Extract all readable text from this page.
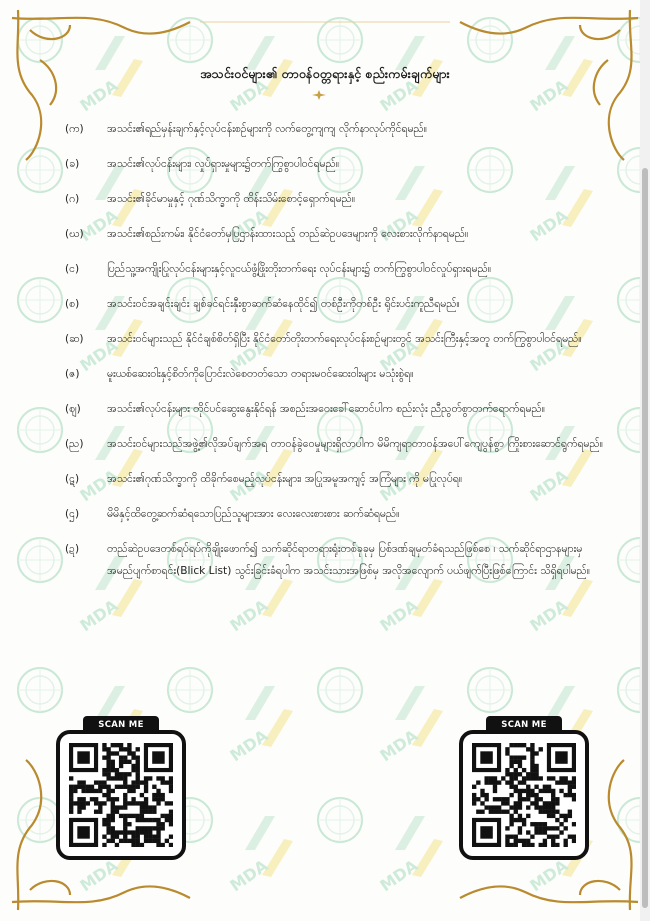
အသင်းဝင်များ၏ တာဝန်ဝတ္တရားနှင့် စည်းကမ်းချက်များ
(က)	အသင်း၏ရည်မှန်းချက်နှင့်လုပ်ငန်းစဉ်များကို လက်တွေ့ကျကျ လိုက်နာလုပ်ကိုင်ရမည်။
(ခ)	အသင်း၏လုပ်ငန်းများ၊ လှုပ်ရှားမှုများ၌တက်ကြွစွာပါဝင်ရမည်။
(ဂ)	အသင်း၏ခိုင်မာမှုနှင့် ဂုဏ်သိက္ခာကို ထိန်းသိမ်းစောင့်ရှောက်ရမည်။
(ဃ)	အသင်း၏စည်းကမ်း၊ နိုင်ငံတော်မှပြဌာန်းထားသည့် တည်ဆဲဥပဒေများကို လေးစားလိုက်နာရမည်။
(င)	ပြည်သူ့အကျိုးပြုလုပ်ငန်းများနှင့်လူငယ်ဖွံ့ဖြိုးတိုးတက်ရေး လုပ်ငန်းများ၌ တက်ကြွစွာပါဝင်လှုပ်ရှားရမည်။
(စ)	အသင်းဝင်အချင်းချင်း ချစ်ခင်ရင်းနှီးစွာဆက်ဆံနေထိုင်၍ တစ်ဦးကိုတစ်ဦး ရိုင်းပင်းကူညီရမည်။
(ဆ)	အသင်းဝင်များသည် နိုင်ငံချစ်စိတ်ရှိပြီး နိုင်ငံတော်တိုးတက်ရေးလုပ်ငန်းစဉ်များတွင် အသင်းကြီးနှင့်အတူ တက်ကြွစွာပါဝင်ရမည်။
(ဇ)	မူးယစ်ဆေးဝါးနှင့်စိတ်ကိုပြောင်းလဲစေတတ်သော တရားမဝင်ဆေးဝါးများ မသုံးစွဲရ။
(ဈ)	အသင်း၏လုပ်ငန်းများ တိုင်ပင်ဆွေးနွေးနိုင်ရန် အစည်းအဝေးခေါ်ဆောင်ပါက စည်းလုံး ညီညွတ်စွာတက်ရောက်ရမည်။
(ည)	အသင်းဝင်များသည်အဖွဲ့၏လိုအပ်ချက်အရ တာဝန်ခွဲဝေမှုများရှိလာပါက မိမိကျရာတာဝန်အပေါ်ကျေပွန်စွာ ကြိုးစားဆောင်ရွက်ရမည်။
(ဋ)	အသင်း၏ဂုဏ်သိက္ခာကို ထိခိုက်စေမည့်လုပ်ငန်းများ၊ အပြုအမူအကျင့် အကြံများ ကို မပြုလုပ်ရ။
(ဌ)	မိမိနှင့်ထိတွေ့ဆက်ဆံရသောပြည်သူများအား လေးလေးစားစား ဆက်ဆံရမည်။
(ဍ)	တည်ဆဲဥပဒေတစ်ရပ်ရပ်ကိုချိုးဖောက်၍ သက်ဆိုင်ရာတရားရုံးတစ်ခုခုမှ ပြစ်ဒဏ်ချမှတ်ခံရသည်ဖြစ်စေ ၊ သက်ဆိုင်ရာဌာနများမှ အမည်ပျက်စာရင်း(Blick List) သွင်းခြင်းခံရပါက အသင်းသားအဖြစ်မှ အလိုအလျောက် ပယ်ဖျက်ပြီးဖြစ်ကြောင်း သိရှိရပါမည်။
SCAN ME	SCAN ME
